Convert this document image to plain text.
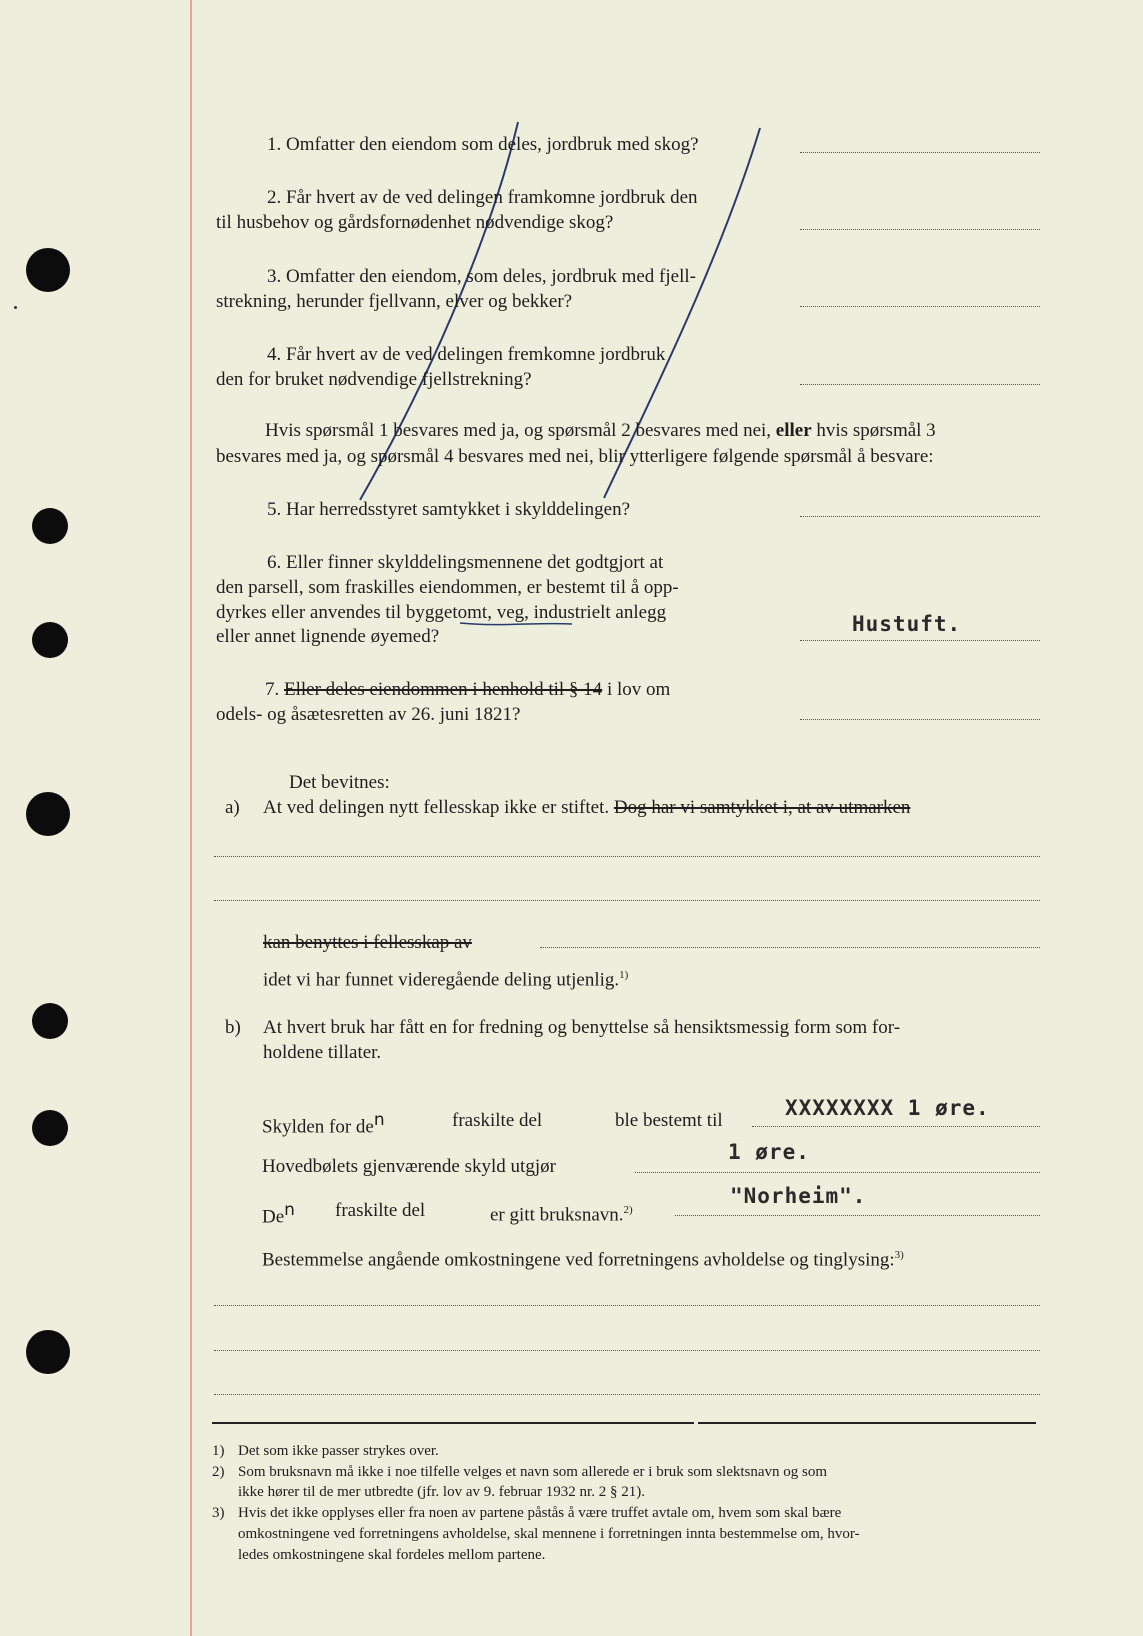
1. Omfatter den eiendom som deles, jordbruk med skog?
2. Får hvert av de ved delingen framkomne jordbruk den
til husbehov og gårdsfornødenhet nødvendige skog?
3. Omfatter den eiendom, som deles, jordbruk med fjell-
strekning, herunder fjellvann, elver og bekker?
4. Får hvert av de ved delingen fremkomne jordbruk
den for bruket nødvendige fjellstrekning?
Hvis spørsmål 1 besvares med ja, og spørsmål 2 besvares med nei, eller hvis spørsmål 3
besvares med ja, og spørsmål 4 besvares med nei, blir ytterligere følgende spørsmål å besvare:
5. Har herredsstyret samtykket i skylddelingen?
6. Eller finner skylddelingsmennene det godtgjort at
den parsell, som fraskilles eiendommen, er bestemt til å opp-
dyrkes eller anvendes til byggetomt, veg, industrielt anlegg
eller annet lignende øyemed?
Hustuft.
7. Eller deles eiendommen i henhold til § 14 i lov om
odels- og åsætesretten av 26. juni 1821?
Det bevitnes:
a) At ved delingen nytt fellesskap ikke er stiftet. Dog har vi samtykket i, at av utmarken
kan benyttes i fellesskap av
idet vi har funnet videregående deling utjenlig.$^{1)}$
b) At hvert bruk har fått en for fredning og benyttelse så hensiktsmessig form som for-
holdene tillater.
Skylden for $de^n$	fraskilte del	ble bestemt til
XXXXXXXX 1 øre.
Hovedbølets gjenværende skyld utgjør
1 øre.
De$^n$ fraskilte del	er gitt bruksnavn.$^{2)}$
"Norheim".
Bestemmelse angående omkostningene ved forretningens avholdelse og tinglysing:$^{3)}$
1) Det som ikke passer strykes over.
2) Som bruksnavn må ikke i noe tilfelle velges et navn som allerede er i bruk som slektsnavn og som
ikke hører til de mer utbredte (jfr. lov av 9. februar 1932 nr. 2 § 21).
3) Hvis det ikke opplyses eller fra noen av partene påstås å være truffet avtale om, hvem som skal bære
omkostningene ved forretningens avholdelse, skal mennene i forretningen innta bestemmelse om, hvor-
ledes omkostningene skal fordeles mellom partene.
